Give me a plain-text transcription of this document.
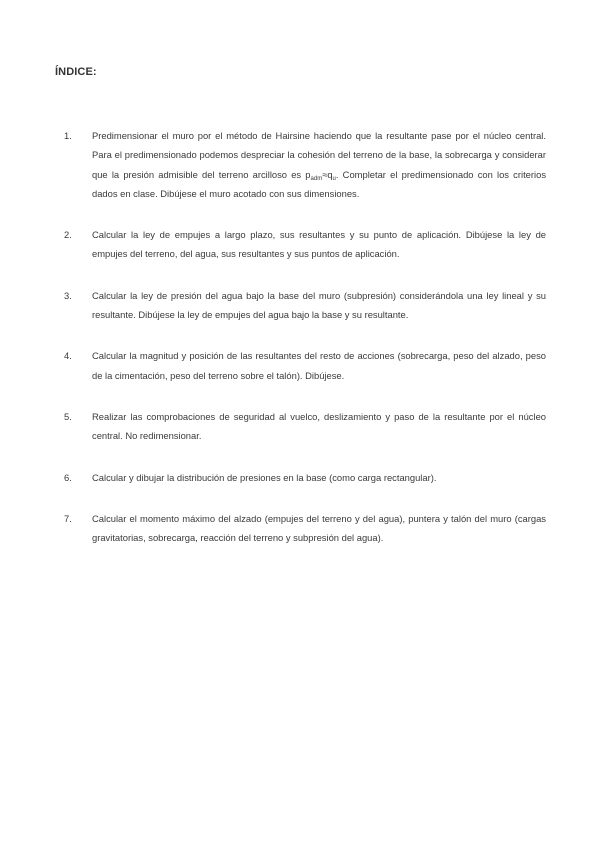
ÍNDICE:
1. Predimensionar el muro por el método de Hairsine haciendo que la resultante pase por el núcleo central. Para el predimensionado podemos despreciar la cohesión del terreno de la base, la sobrecarga y considerar que la presión admisible del terreno arcilloso es $p_{adm}\approx q_u$. Completar el predimensionado con los criterios dados en clase. Dibújese el muro acotado con sus dimensiones.
2. Calcular la ley de empujes a largo plazo, sus resultantes y su punto de aplicación. Dibújese la ley de empujes del terreno, del agua, sus resultantes y sus puntos de aplicación.
3. Calcular la ley de presión del agua bajo la base del muro (subpresión) considerándola una ley lineal y su resultante. Dibújese la ley de empujes del agua bajo la base y su resultante.
4. Calcular la magnitud y posición de las resultantes del resto de acciones (sobrecarga, peso del alzado, peso de la cimentación, peso del terreno sobre el talón). Dibújese.
5. Realizar las comprobaciones de seguridad al vuelco, deslizamiento y paso de la resultante por el núcleo central. No redimensionar.
6. Calcular y dibujar la distribución de presiones en la base (como carga rectangular).
7. Calcular el momento máximo del alzado (empujes del terreno y del agua), puntera y talón del muro (cargas gravitatorias, sobrecarga, reacción del terreno y subpresión del agua).
